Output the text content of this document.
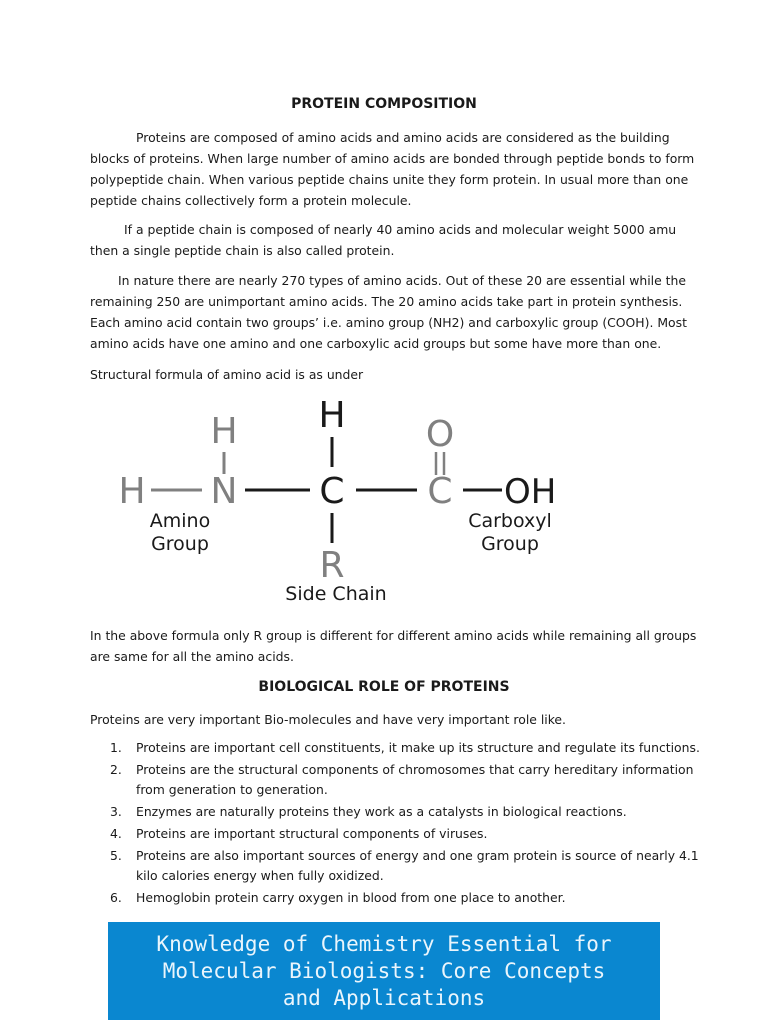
PROTEIN COMPOSITION
Proteins are composed of amino acids and amino acids are considered as the building blocks of proteins. When large number of amino acids are bonded through peptide bonds to form polypeptide chain. When various peptide chains unite they form protein. In usual more than one peptide chains collectively form a protein molecule.
If a peptide chain is composed of nearly 40 amino acids and molecular weight 5000 amu then a single peptide chain is also called protein.
In nature there are nearly 270 types of amino acids. Out of these 20 are essential while the remaining 250 are unimportant amino acids. The 20 amino acids take part in protein synthesis. Each amino acid contain two groups’ i.e. amino group (NH2) and carboxylic group (COOH). Most amino acids have one amino and one carboxylic acid groups but some have more than one.
Structural formula of amino acid is as under
H
H
H N C C OH
O
R
Amino
Group
Carboxyl
Group
Side Chain
In the above formula only R group is different for different amino acids while remaining all groups are same for all the amino acids.
BIOLOGICAL ROLE OF PROTEINS
Proteins are very important Bio-molecules and have very important role like.
1. Proteins are important cell constituents, it make up its structure and regulate its functions.
2. Proteins are the structural components of chromosomes that carry hereditary information from generation to generation.
3. Enzymes are naturally proteins they work as a catalysts in biological reactions.
4. Proteins are important structural components of viruses.
5. Proteins are also important sources of energy and one gram protein is source of nearly 4.1 kilo calories energy when fully oxidized.
6. Hemoglobin protein carry oxygen in blood from one place to another.
Knowledge of Chemistry Essential for Molecular Biologists: Core Concepts and Applications
